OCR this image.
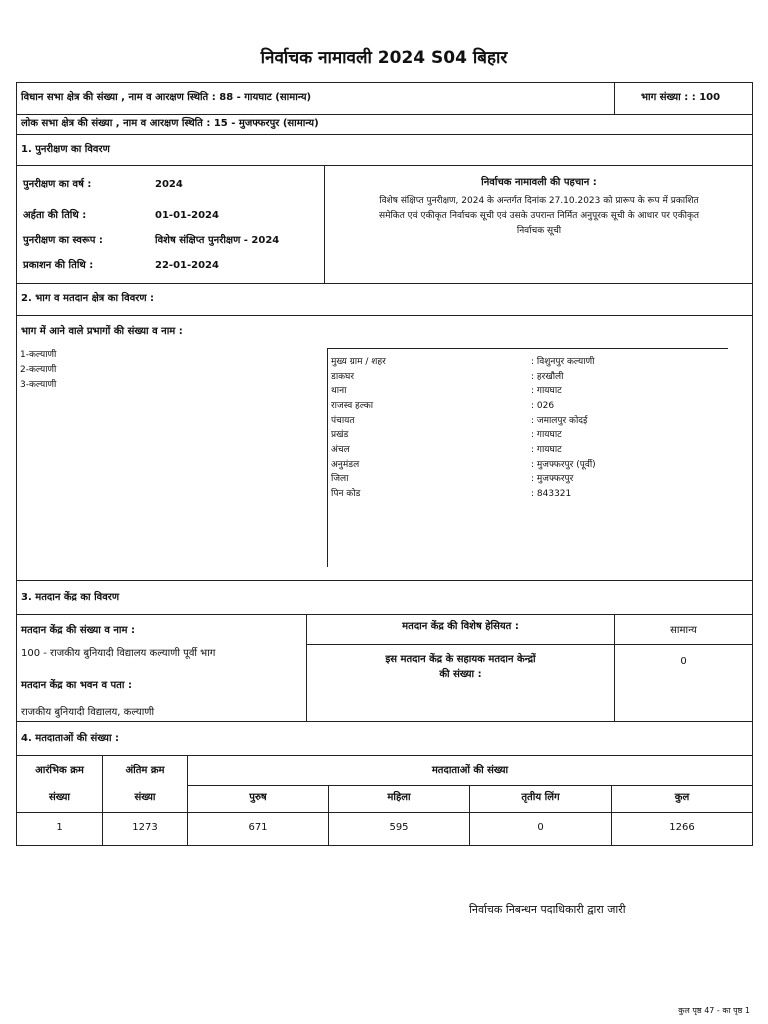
निर्वाचक नामावली 2024 S04 बिहार
विधान सभा क्षेत्र की संख्या , नाम व आरक्षण स्थिति : 88 - गायघाट (सामान्य)	भाग संख्या : : 100
लोक सभा क्षेत्र की संख्या , नाम व आरक्षण स्थिति : 15 - मुजफ्फरपुर (सामान्य)
1. पुनरीक्षण का विवरण
पुनरीक्षण का वर्ष :	2024
अर्हता की तिथि :	01-01-2024
पुनरीक्षण का स्वरूप :	विशेष संक्षिप्त पुनरीक्षण - 2024
प्रकाशन की तिथि :	22-01-2024
निर्वाचक नामावली की पहचान :
विशेष संक्षिप्त पुनरीक्षण, 2024 के अन्तर्गत दिनांक 27.10.2023 को प्रारूप के रूप में प्रकाशित
समेकित एवं एकीकृत निर्वाचक सूची एवं उसके उपरान्त निर्मित अनुपूरक सूची के आधार पर एकीकृत
निर्वाचक सूची
2. भाग व मतदान क्षेत्र का विवरण :
भाग में आने वाले प्रभागों की संख्या व नाम :
1-कल्याणी
2-कल्याणी
3-कल्याणी
मुख्य ग्राम / शहर	: विशुनपुर कल्याणी
डाकघर	: हरखौली
थाना	: गायघाट
राजस्व हल्का	: 026
पंचायत	: जमालपुर कोदई
प्रखंड	: गायघाट
अंचल	: गायघाट
अनुमंडल	: मुजफ्फरपुर (पूर्वी)
जिला	: मुजफ्फरपुर
पिन कोड	: 843321
3. मतदान केंद्र का विवरण
मतदान केंद्र की संख्या व नाम :
100 - राजकीय बुनियादी विद्यालय कल्याणी पूर्वी भाग
मतदान केंद्र का भवन व पता :
राजकीय बुनियादी विद्यालय, कल्याणी
मतदान केंद्र की विशेष हेसियत :	सामान्य
इस मतदान केंद्र के सहायक मतदान केन्द्रों
की संख्या :
0
4. मतदाताओं की संख्या :
आरंभिक क्रम
संख्या
अंतिम क्रम
संख्या
मतदाताओं की संख्या
पुरुष	महिला	तृतीय लिंग	कुल
1	1273	671	595	0	1266
निर्वाचक निबन्धन पदाधिकारी द्वारा जारी
कुल पृष्ठ 47 - का पृष्ठ 1
